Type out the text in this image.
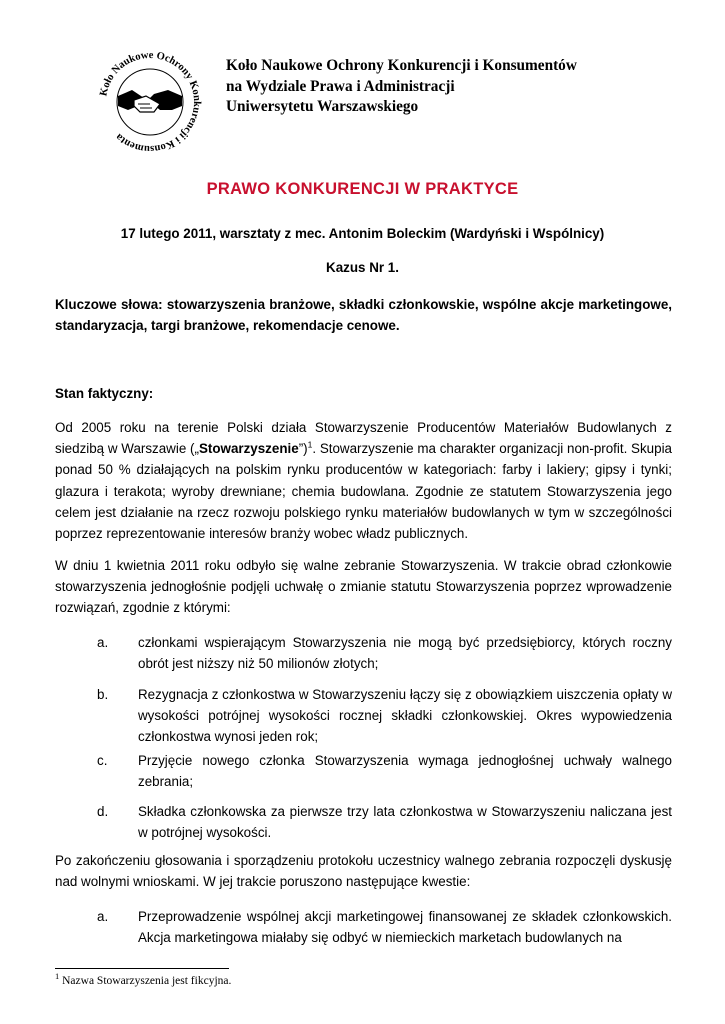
Koło Naukowe Ochrony Konkurencji i Konsumenta
Koło Naukowe Ochrony Konkurencji i Konsumentów
na Wydziale Prawa i Administracji
Uniwersytetu Warszawskiego
PRAWO KONKURENCJI W PRAKTYCE
17 lutego 2011, warsztaty z mec. Antonim Boleckim (Wardyński i Wspólnicy)
Kazus Nr 1.
Kluczowe słowa: stowarzyszenia branżowe, składki członkowskie, wspólne akcje marketingowe, standaryzacja, targi branżowe, rekomendacje cenowe.
Stan faktyczny:

Od 2005 roku na terenie Polski działa Stowarzyszenie Producentów Materiałów Budowlanych z siedzibą w Warszawie („Stowarzyszenie”)$^1$. Stowarzyszenie ma charakter organizacji non-profit. Skupia ponad 50 % działających na polskim rynku producentów w kategoriach: farby i lakiery; gipsy i tynki; glazura i terakota; wyroby drewniane; chemia budowlana. Zgodnie ze statutem Stowarzyszenia jego celem jest działanie na rzecz rozwoju polskiego rynku materiałów budowlanych w tym w szczególności poprzez reprezentowanie interesów branży wobec władz publicznych.

W dniu 1 kwietnia 2011 roku odbyło się walne zebranie Stowarzyszenia. W trakcie obrad członkowie stowarzyszenia jednogłośnie podjęli uchwałę o zmianie statutu Stowarzyszenia poprzez wprowadzenie rozwiązań, zgodnie z którymi:

a. członkami wspierającym Stowarzyszenia nie mogą być przedsiębiorcy, których roczny obrót jest niższy niż 50 milionów złotych;
b. Rezygnacja z członkostwa w Stowarzyszeniu łączy się z obowiązkiem uiszczenia opłaty w wysokości potrójnej wysokości rocznej składki członkowskiej. Okres wypowiedzenia członkostwa wynosi jeden rok;
c. Przyjęcie nowego członka Stowarzyszenia wymaga jednogłośnej uchwały walnego zebrania;
d. Składka członkowska za pierwsze trzy lata członkostwa w Stowarzyszeniu naliczana jest w potrójnej wysokości.

Po zakończeniu głosowania i sporządzeniu protokołu uczestnicy walnego zebrania rozpoczęli dyskusję nad wolnymi wnioskami. W jej trakcie poruszono następujące kwestie:

a. Przeprowadzenie wspólnej akcji marketingowej finansowanej ze składek członkowskich. Akcja marketingowa miałaby się odbyć w niemieckich marketach budowlanych na
$^1$ Nazwa Stowarzyszenia jest fikcyjna.
